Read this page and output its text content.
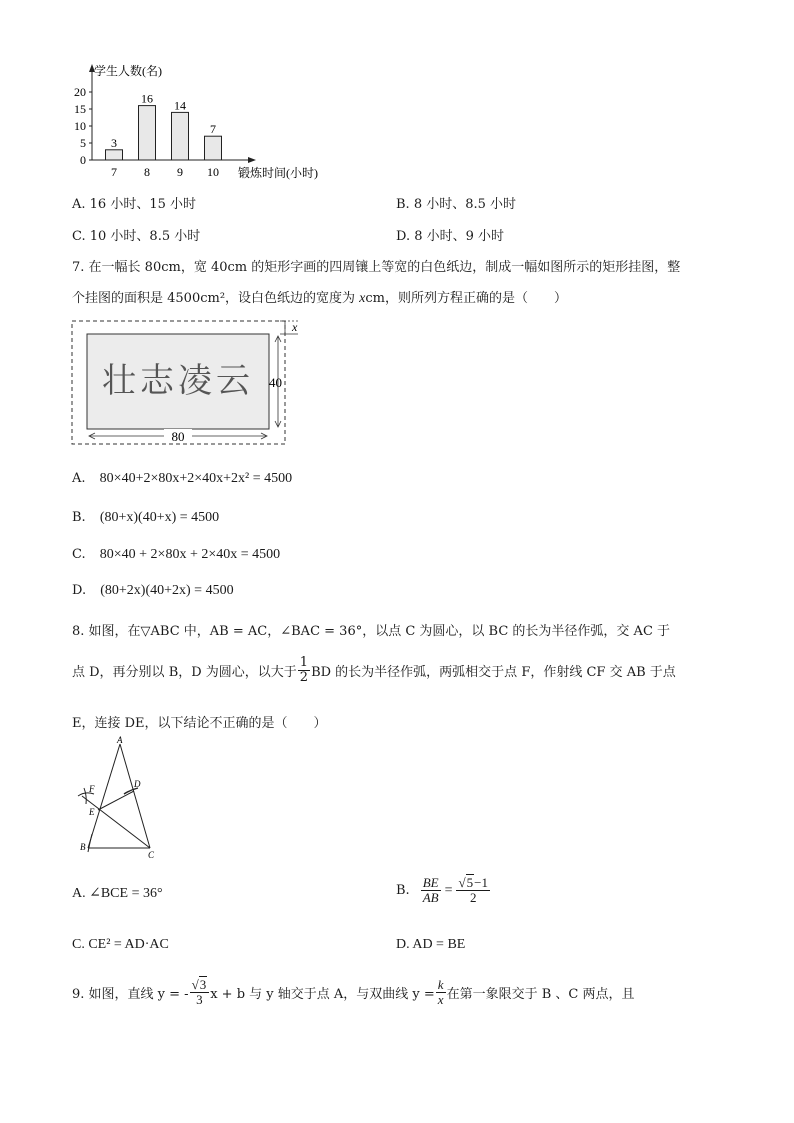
学生人数(名)
锻炼时间(小时)
0
5
10
15
20
3
7
16
8
14
9
7
10
A. 16 小时、15 小时	B. 8 小时、8.5 小时
C. 10 小时、8.5 小时	D. 8 小时、9 小时
7. 在一幅长 80cm，宽 40cm 的矩形字画的四周镶上等宽的白色纸边，制成一幅如图所示的矩形挂图，整
个挂图的面积是 4500cm²，设白色纸边的宽度为 xcm，则所列方程正确的是（　　）
壮志凌云
x
40
80
A. 80×40+2×80x+2×40x+2x² = 4500
B. (80+x)(40+x) = 4500
C. 80×40 + 2×80x + 2×40x = 4500
D. (80+2x)(40+2x) = 4500
8. 如图，在▽ABC 中，AB = AC，∠BAC = 36°，以点 C 为圆心，以 BC 的长为半径作弧，交 AC 于
点 D，再分别以 B，D 为圆心，以大于 $\frac{1}{2}$ BD 的长为半径作弧，两弧相交于点 F，作射线 CF 交 AB 于点
E，连接 DE，以下结论不正确的是（　　）
A
B
C
D
E
F
A. ∠BCE = 36°	B. $\frac{BE}{AB} = \frac{√5-1}{2}$
C. CE² = AD·AC	D. AD = BE
9. 如图，直线 y = - $\frac{√3}{3}$ x + b 与 y 轴交于点 A，与双曲线 $y = \frac{k}{x}$ 在第一象限交于 B 、C 两点，且
